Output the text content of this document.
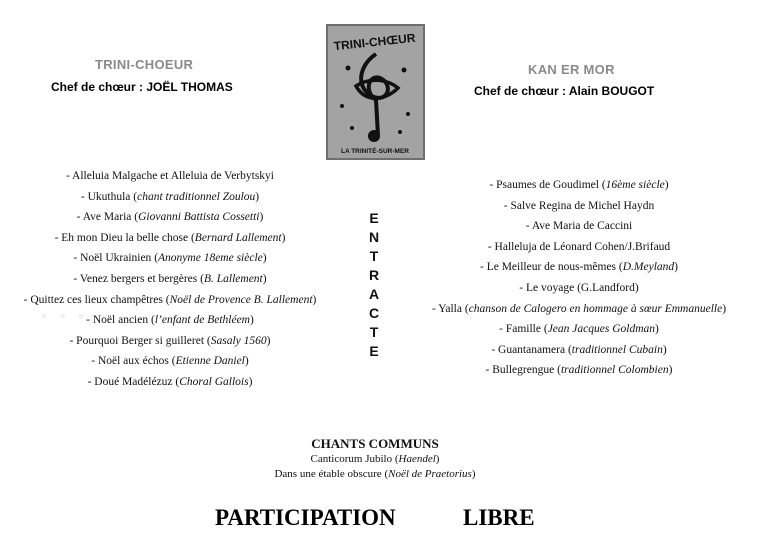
· · ·
TRINI-CHOEUR
Chef de chœur : JOËL THOMAS
KAN ER MOR
Chef de chœur : Alain BOUGOT
TRINI-CHŒUR
LA TRINITÉ-SUR-MER
- Alleluia Malgache et Alleluia de Verbytskyi
- Ukuthula (chant traditionnel Zoulou)
- Ave Maria (Giovanni Battista Cossetti)
- Eh mon Dieu la belle chose (Bernard Lallement)
- Noël Ukrainien (Anonyme 18eme siècle)
- Venez bergers et bergères (B. Lallement)
- Quittez ces lieux champêtres (Noël de Provence B. Lallement)
- Noël ancien (l’enfant de Bethléem)
- Pourquoi Berger si guilleret (Sasaly 1560)
- Noël aux échos (Etienne Daniel)
- Doué Madélézuz (Choral Gallois)
- Psaumes de Goudimel (16ème siècle)
- Salve Regina de Michel Haydn
- Ave Maria de Caccini
- Halleluja de Léonard Cohen/J.Brifaud
- Le Meilleur de nous-mêmes (D.Meyland)
- Le voyage (G.Landford)
- Yalla (chanson de Calogero en hommage à sœur Emmanuelle)
- Famille (Jean Jacques Goldman)
- Guantanamera (traditionnel Cubain)
- Bullegrengue (traditionnel Colombien)
E
N
T
R
A
C
T
E
CHANTS COMMUNS
Canticorum Jubilo (Haendel)
Dans une étable obscure (Noël de Praetorius)
PARTICIPATION	LIBRE
